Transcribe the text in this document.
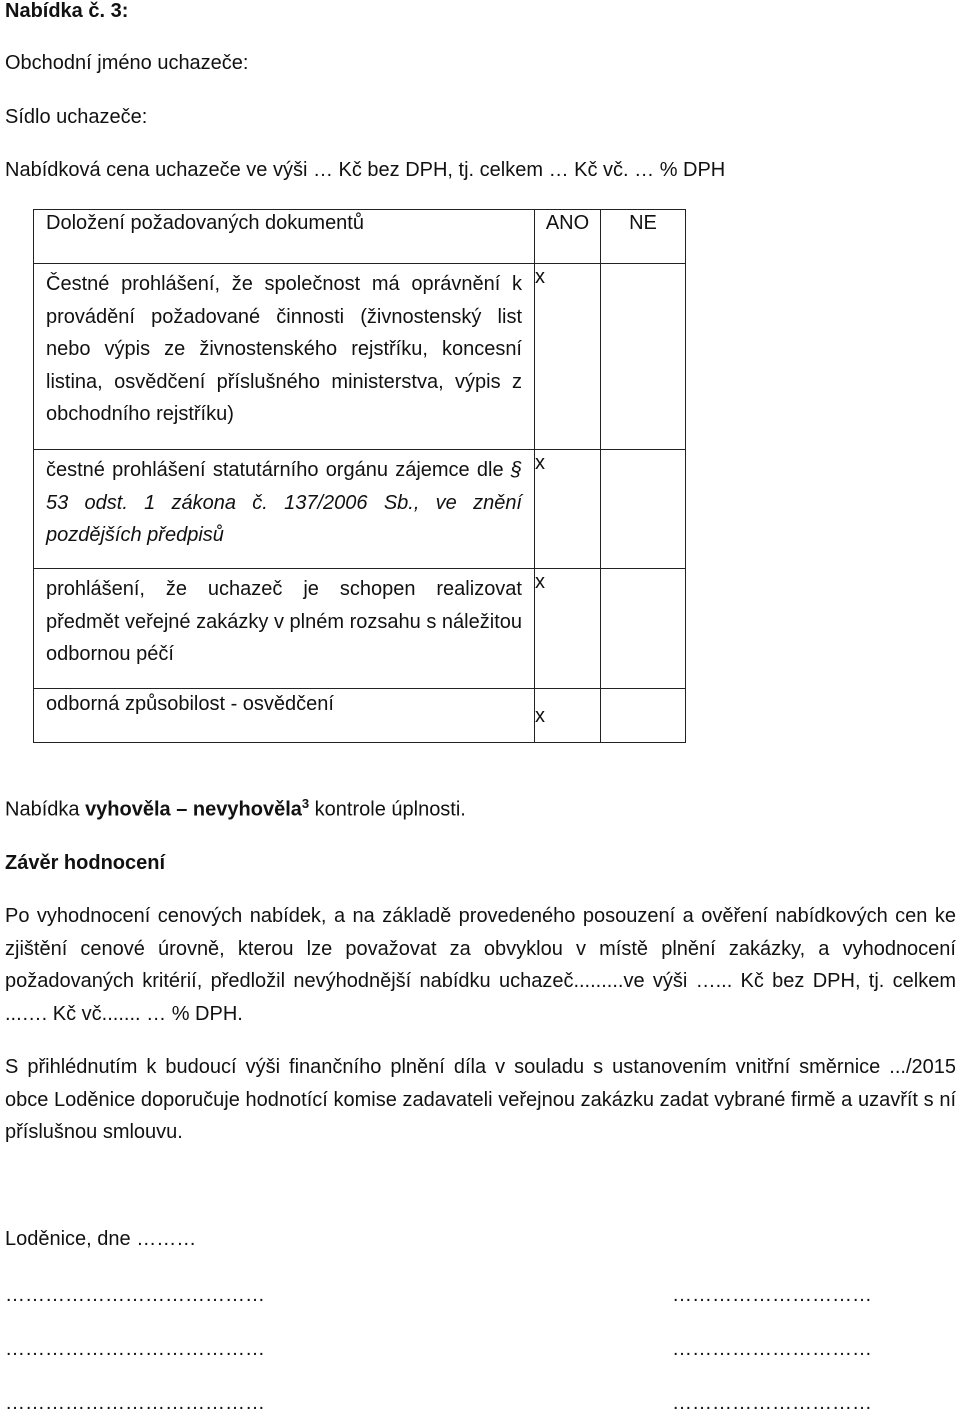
Nabídka č. 3:

Obchodní jméno uchazeče:

Sídlo uchazeče:

Nabídková cena uchazeče ve výši … Kč bez DPH, tj. celkem … Kč vč. … % DPH

Doložení požadovaných dokumentů	ANO	NE

Čestné prohlášení, že společnost má oprávnění k provádění požadované činnosti (živnostenský list nebo výpis ze živnostenského rejstříku, koncesní listina, osvědčení příslušného ministerstva, výpis z obchodního rejstříku)	x	

čestné prohlášení statutárního orgánu zájemce dle § 53 odst. 1 zákona č. 137/2006 Sb., ve znění pozdějších předpisů	x	

prohlášení, že uchazeč je schopen realizovat předmět veřejné zakázky v plném rozsahu s náležitou odbornou péčí	x	

odborná způsobilost - osvědčení	x	

Nabídka vyhověla – nevyhověla$^3$ kontrole úplnosti.

Závěr hodnocení

Po vyhodnocení cenových nabídek, a na základě provedeného posouzení a ověření nabídkových cen ke zjištění cenové úrovně, kterou lze považovat za obvyklou v místě plnění zakázky, a vyhodnocení požadovaných kritérií, předložil nevýhodnější nabídku uchazeč.........ve výši …... Kč bez DPH, tj. celkem ...…. Kč vč....... … % DPH.

S přihlédnutím k budoucí výši finančního plnění díla v souladu s ustanovením vnitřní směrnice .../2015 obce Loděnice doporučuje hodnotící komise zadavateli veřejnou zakázku zadat vybrané firmě a uzavřít s ní příslušnou smlouvu.

Loděnice, dne ………

…………………………………	…………………………
…………………………………	…………………………
…………………………………	…………………………
